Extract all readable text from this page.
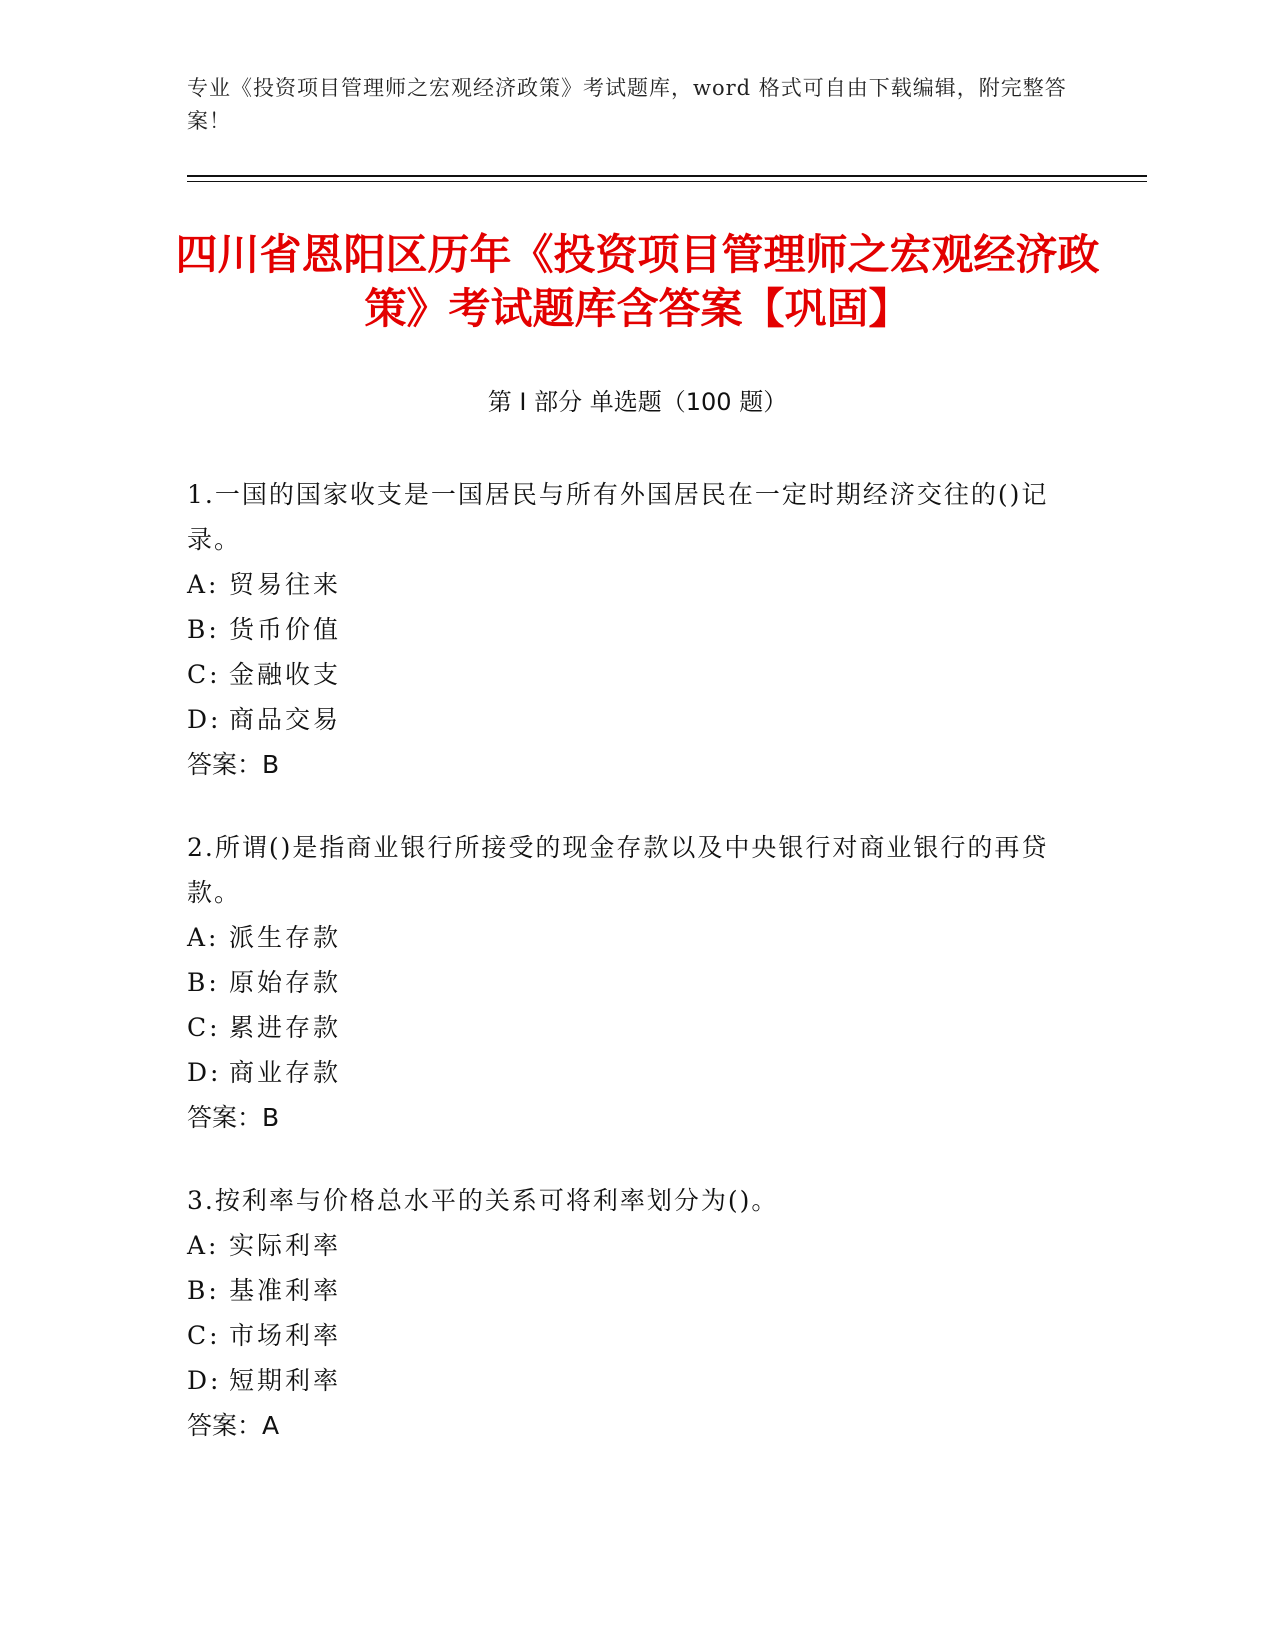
专业《投资项目管理师之宏观经济政策》考试题库，word 格式可自由下载编辑，附完整答案！
四川省恩阳区历年《投资项目管理师之宏观经济政策》考试题库含答案【巩固】
第 I 部分 单选题（100 题）
1.一国的国家收支是一国居民与所有外国居民在一定时期经济交往的()记录。
A: 贸易往来
B: 货币价值
C: 金融收支
D: 商品交易
答案：B
2.所谓()是指商业银行所接受的现金存款以及中央银行对商业银行的再贷款。
A: 派生存款
B: 原始存款
C: 累进存款
D: 商业存款
答案：B
3.按利率与价格总水平的关系可将利率划分为()。
A: 实际利率
B: 基准利率
C: 市场利率
D: 短期利率
答案：A
